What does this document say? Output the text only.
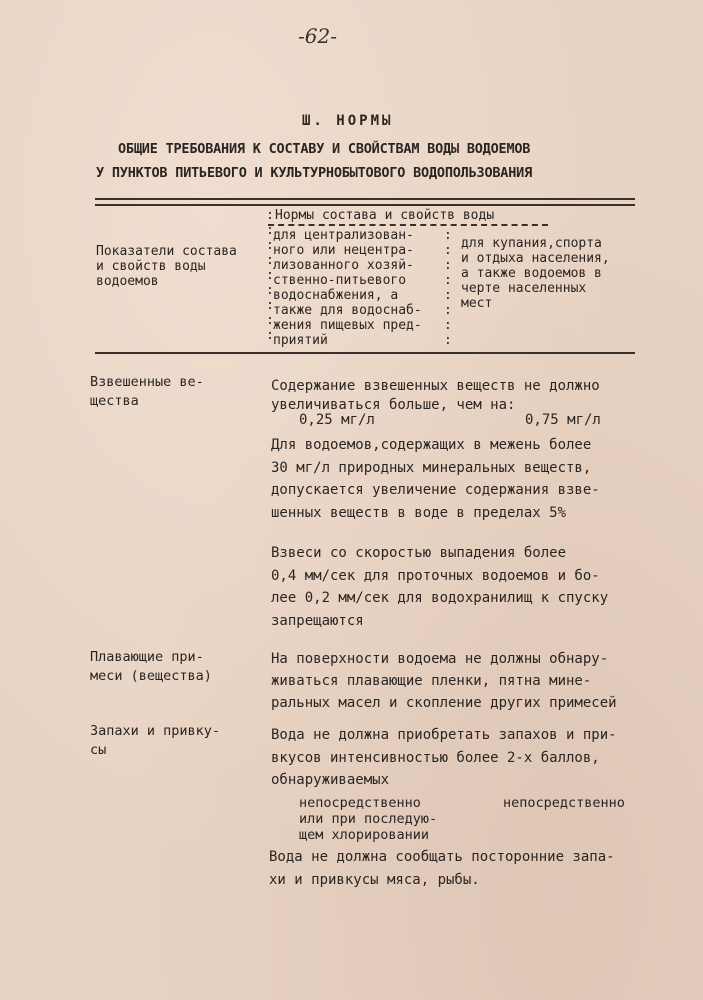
-62-
Ш. НОРМЫ
ОБЩИЕ ТРЕБОВАНИЯ К СОСТАВУ И СВОЙСТВАМ ВОДЫ ВОДОЕМОВ
У ПУНКТОВ ПИТЬЕВОГО И КУЛЬТУРНОБЫТОВОГО ВОДОПОЛЬЗОВАНИЯ
Показатели состава
и свойств воды
водоемов
:
:
:
:
:
:
:
:
:
Нормы состава и свойств воды
для централизован-
ного или нецентра-
лизованного хозяй-
ственно-питьевого
водоснабжения, а
также для водоснаб-
жения пищевых пред-
приятий
:
:
:
:
:
:
:
:
для купания,спорта
и отдыха населения,
а также водоемов в
черте населенных
мест
Взвешенные ве-
щества
Содержание взвешенных веществ не должно
увеличиваться больше, чем на:
0,25 мг/л	0,75 мг/л
Для водоемов,содержащих в межень более
30 мг/л природных минеральных веществ,
допускается увеличение содержания взве-
шенных веществ в воде в пределах 5%
Взвеси со скоростью выпадения более
0,4 мм/сек для проточных водоемов и бо-
лее 0,2 мм/сек для водохранилищ к спуску
запрещаются
Плавающие при-
меси (вещества)
На поверхности водоема не должны обнару-
живаться плавающие пленки, пятна мине-
ральных масел и скопление других примесей
Запахи и привку-
сы
Вода не должна приобретать запахов и при-
вкусов интенсивностью более 2-х баллов,
обнаруживаемых
непосредственно
или при последую-
щем хлорировании
непосредственно
Вода не должна сообщать посторонние запа-
хи и привкусы мяса, рыбы.
